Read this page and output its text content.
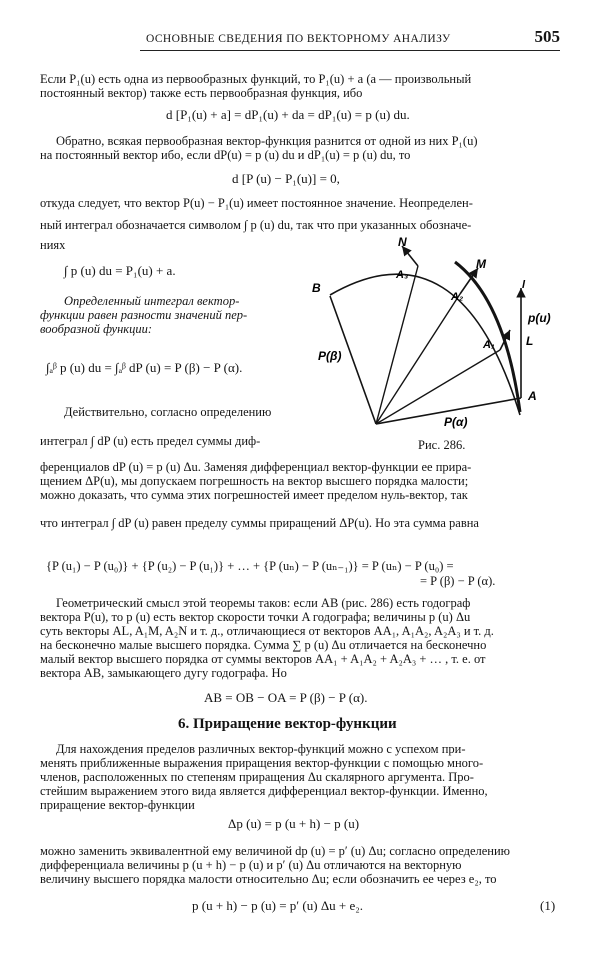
ОСНОВНЫЕ СВЕДЕНИЯ ПО ВЕКТОРНОМУ АНАЛИЗУ	505
Если P₁(u) есть одна из первообразных функций, то P₁(u) + a (a — произвольный
постоянный вектор) также есть первообразная функция, ибо
d [P₁(u) + a] = dP₁(u) + da = dP₁(u) = p (u) du.
Обратно, всякая первообразная вектор-функция разнится от одной из них P₁(u)
на постоянный вектор ибо, если dP(u) = p (u) du и dP₁(u) = p (u) du, то
d [P (u) − P₁(u)] = 0,
откуда следует, что вектор P(u) − P₁(u) имеет постоянное значение. Неопределен-
ный интеграл обозначается символом ∫ p (u) du, так что при указанных обозначе-
ниях
∫ p (u) du = P₁(u) + a.
Определенный интеграл вектор-
функции равен разности значений пер-
вообразной функции:
∫ₐᵝ p (u) du = ∫ₐᵝ dP (u) = P (β) − P (α).
Действительно, согласно определению
интеграл ∫ dP (u) есть предел суммы диф-
ференциалов dP (u) = p (u) Δu. Заменяя дифференциал вектор-функции ее прира-
щением ΔP(u), мы допускаем погрешность на вектор высшего порядка малости;
можно доказать, что сумма этих погрешностей имеет пределом нуль-вектор, так
что интеграл ∫ dP (u) равен пределу суммы приращений ΔP(u). Но эта сумма равна
{P (u₁) − P (u₀)} + {P (u₂) − P (u₁)} + … + {P (uₙ) − P (uₙ₋₁)} = P (uₙ) − P (u₀) =
= P (β) − P (α).
Геометрический смысл этой теоремы таков: если AB (рис. 286) есть годограф
вектора P(u), то p (u) есть вектор скорости точки A годографа; величины p (u) Δu
суть векторы AL, A₁M, A₂N и т. д., отличающиеся от векторов AA₁, A₁A₂, A₂A₃ и т. д.
на бесконечно малые высшего порядка. Сумма ∑ p (u) Δu отличается на бесконечно
малый вектор высшего порядка от суммы векторов AA₁ + A₁A₂ + A₂A₃ + … , т. е. от
вектора AB, замыкающего дугу годографа. Но
AB = OB − OA = P (β) − P (α).
6. Приращение вектор-функции
Для нахождения пределов различных вектор-функций можно с успехом при-
менять приближенные выражения приращения вектор-функции с помощью много-
членов, расположенных по степеням приращения Δu скалярного аргумента. Про-
стейшим выражением этого вида является дифференциал вектор-функции. Именно,
приращение вектор-функции
Δp (u) = p (u + h) − p (u)
можно заменить эквивалентной ему величиной dp (u) = p′ (u) Δu; согласно определению
дифференциала величины p (u + h) − p (u) и p′ (u) Δu отличаются на векторную
величину высшего порядка малости относительно Δu; если обозначить ее через e₂, то
p (u + h) − p (u) = p′ (u) Δu + e₂.	(1)
N
M
l
p(u)
L
B
A₃
A₂
A₁
A
P(β)
P(α)
Рис. 286.
